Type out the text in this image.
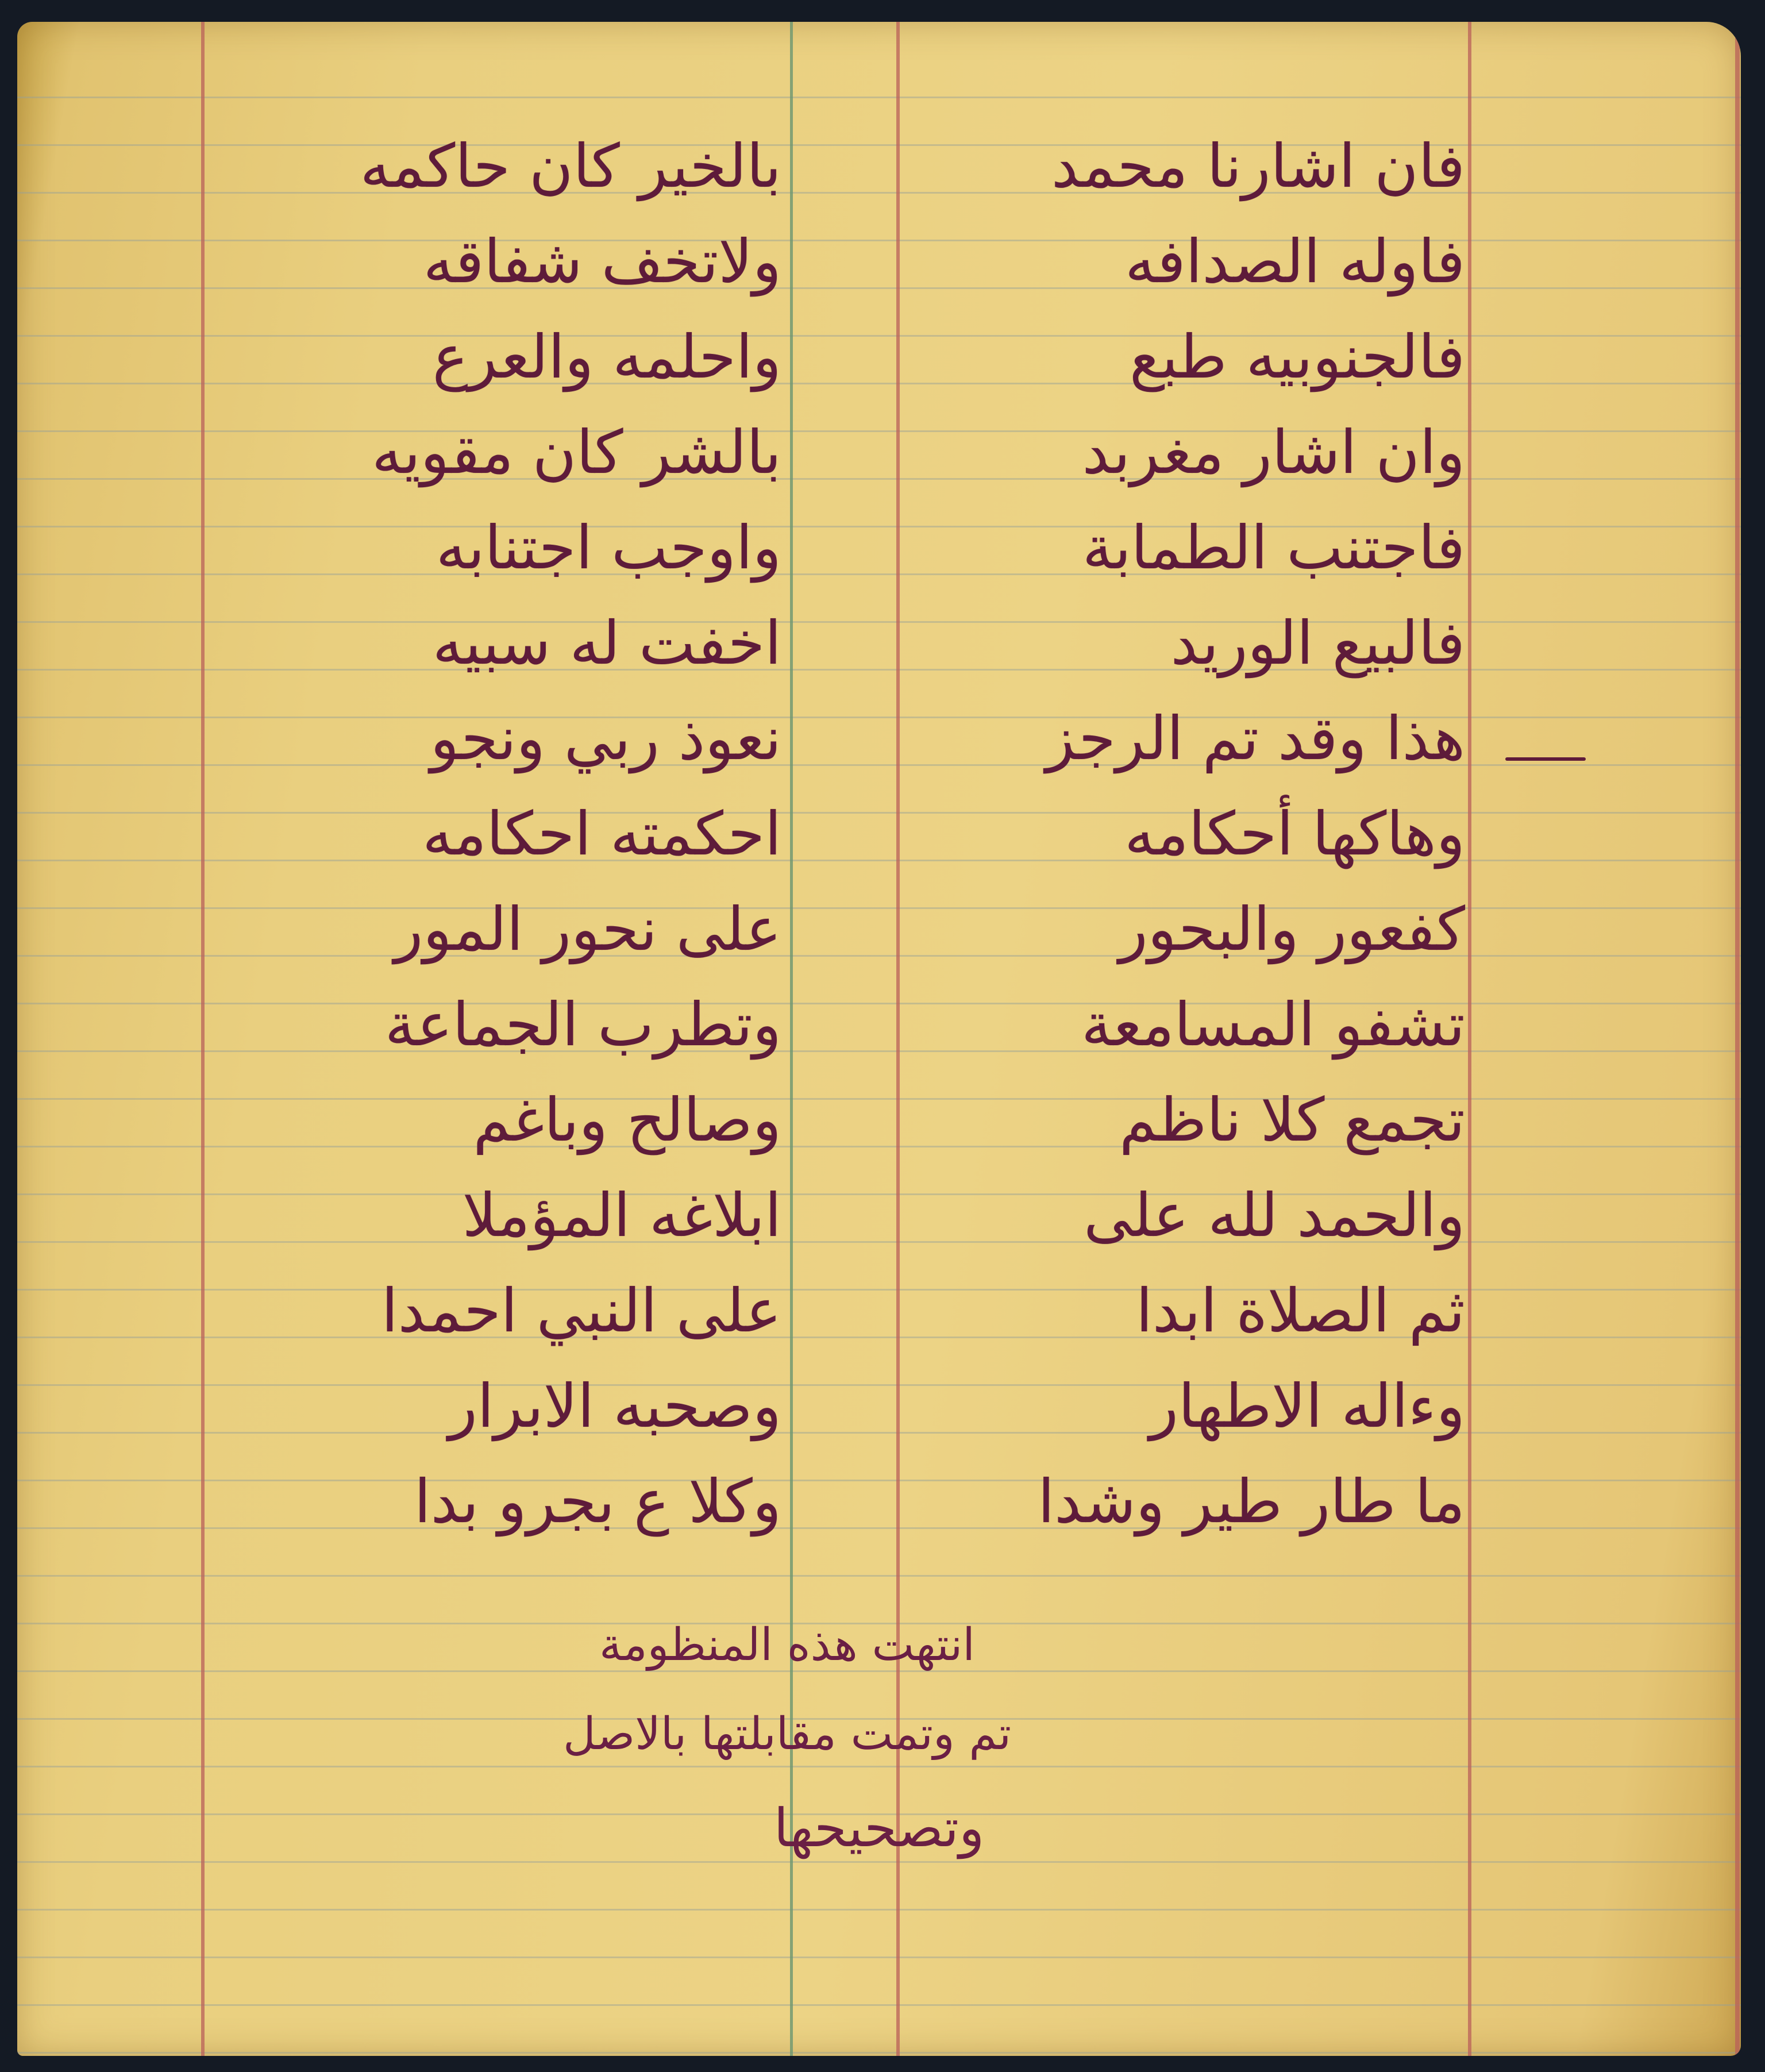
فان اشارنا محمد
فاوله الصدافه
فالجنوبيه طبع
وان اشار مغربد
فاجتنب الطمابة
فالبيع الوريد
هذا وقد تم الرجز
وهاكها أحكامه
كفعور والبحور
تشفو المسامعة
تجمع كلا ناظم
والحمد لله على
ثم الصلاة ابدا
وءاله الاطهار
ما طار طير وشدا
بالخير كان حاكمه
ولاتخف شفاقه
واحلمه والعرع
بالشر كان مقويه
واوجب اجتنابه
اخفت له سبيه
نعوذ ربي ونجو
احكمته احكامه
على نحور المور
وتطرب الجماعة
وصالح وباغم
ابلاغه المؤملا
على النبي احمدا
وصحبه الابرار
وكلا ع بجرو بدا
انتهت هذه المنظومة
تم وتمت مقابلتها بالاصل
وتصحيحها
